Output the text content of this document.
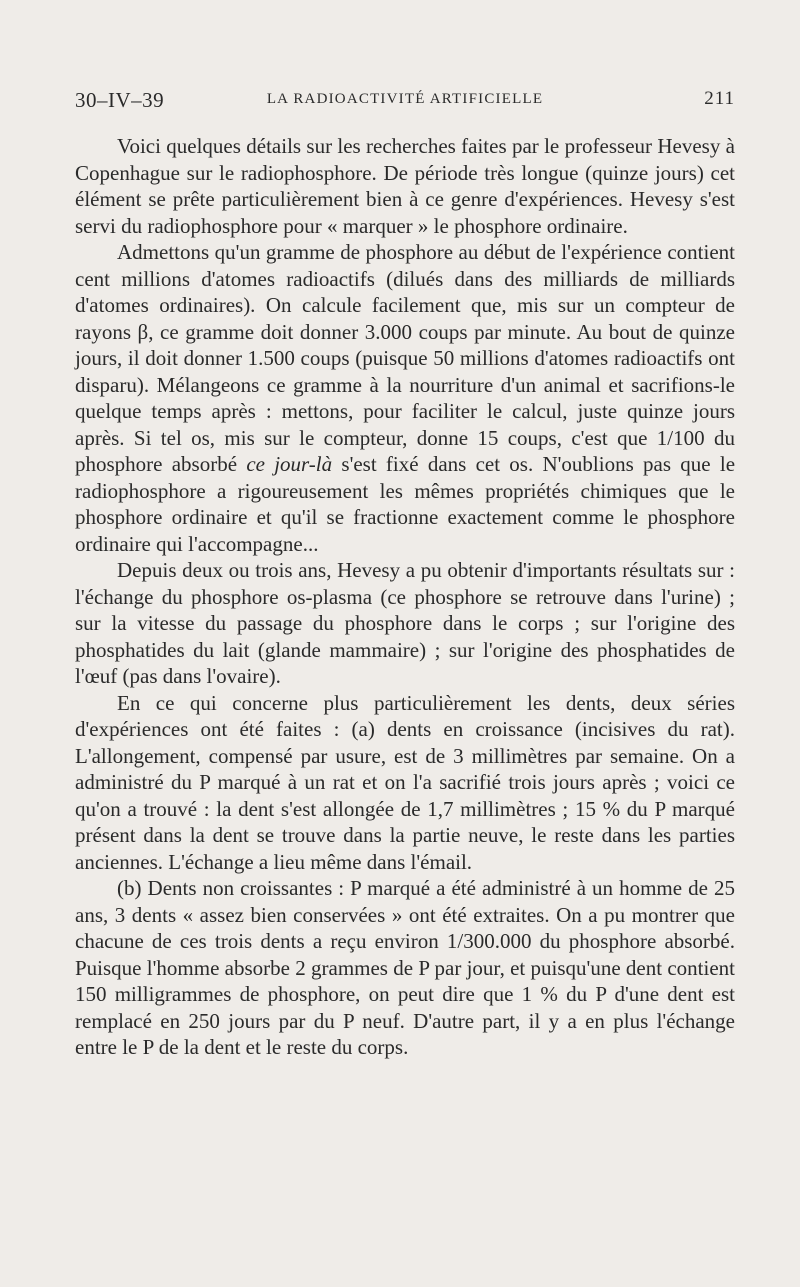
30–IV–39	LA RADIOACTIVITÉ ARTIFICIELLE	211

Voici quelques détails sur les recherches faites par le professeur Hevesy à Copenhague sur le radiophosphore. De période très longue (quinze jours) cet élément se prête particulièrement bien à ce genre d'expériences. Hevesy s'est servi du radiophosphore pour « marquer » le phosphore ordinaire.

Admettons qu'un gramme de phosphore au début de l'expérience contient cent millions d'atomes radioactifs (dilués dans des milliards de milliards d'atomes ordinaires). On calcule facilement que, mis sur un compteur de rayons β, ce gramme doit donner 3.000 coups par minute. Au bout de quinze jours, il doit donner 1.500 coups (puisque 50 millions d'atomes radioactifs ont disparu). Mélangeons ce gramme à la nourriture d'un animal et sacrifions-le quelque temps après : mettons, pour faciliter le calcul, juste quinze jours après. Si tel os, mis sur le compteur, donne 15 coups, c'est que 1/100 du phosphore absorbé ce jour-là s'est fixé dans cet os. N'oublions pas que le radiophosphore a rigoureusement les mêmes propriétés chimiques que le phosphore ordinaire et qu'il se fractionne exactement comme le phosphore ordinaire qui l'accompagne...

Depuis deux ou trois ans, Hevesy a pu obtenir d'importants résultats sur : l'échange du phosphore os-plasma (ce phosphore se retrouve dans l'urine) ; sur la vitesse du passage du phosphore dans le corps ; sur l'origine des phosphatides du lait (glande mammaire) ; sur l'origine des phosphatides de l'œuf (pas dans l'ovaire).

En ce qui concerne plus particulièrement les dents, deux séries d'expériences ont été faites : (a) dents en croissance (incisives du rat). L'allongement, compensé par usure, est de 3 millimètres par semaine. On a administré du P marqué à un rat et on l'a sacrifié trois jours après ; voici ce qu'on a trouvé : la dent s'est allongée de 1,7 millimètres ; 15 % du P marqué présent dans la dent se trouve dans la partie neuve, le reste dans les parties anciennes. L'échange a lieu même dans l'émail.

(b) Dents non croissantes : P marqué a été administré à un homme de 25 ans, 3 dents « assez bien conservées » ont été extraites. On a pu montrer que chacune de ces trois dents a reçu environ 1/300.000 du phosphore absorbé. Puisque l'homme absorbe 2 grammes de P par jour, et puisqu'une dent contient 150 milligrammes de phosphore, on peut dire que 1 % du P d'une dent est remplacé en 250 jours par du P neuf. D'autre part, il y a en plus l'échange entre le P de la dent et le reste du corps.
